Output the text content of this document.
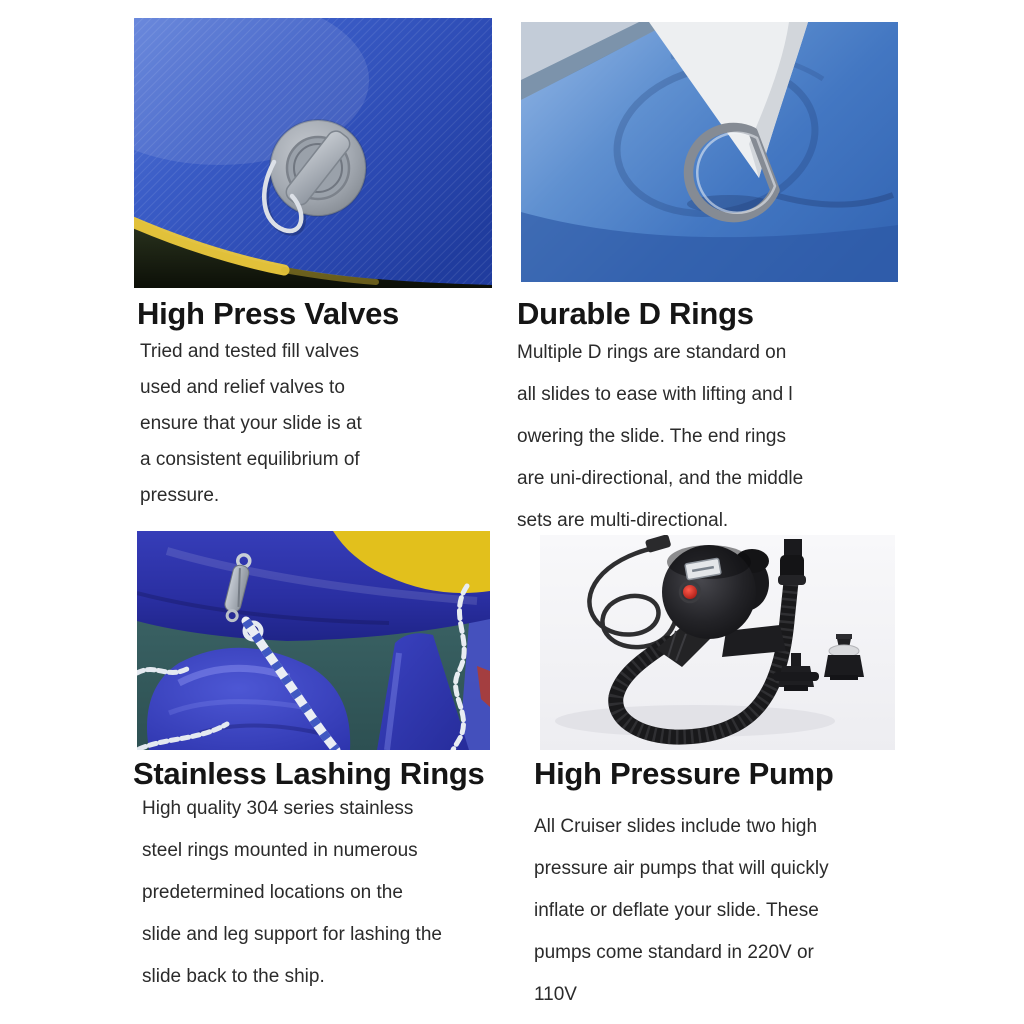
High Press Valves
Tried and tested fill valves
used and relief valves to
ensure that your slide is at
a consistent equilibrium of
pressure.
Durable D Rings
Multiple D rings are standard on
all slides to ease with lifting and l
owering the slide. The end rings
are uni-directional, and the middle
sets are multi-directional.
Stainless Lashing Rings
High quality 304 series stainless
steel rings mounted in numerous
predetermined locations on the
slide and leg support for lashing the
slide back to the ship.
High Pressure Pump
All Cruiser slides include two high
pressure air pumps that will quickly
inflate or deflate your slide. These
pumps come standard in 220V or
110V
